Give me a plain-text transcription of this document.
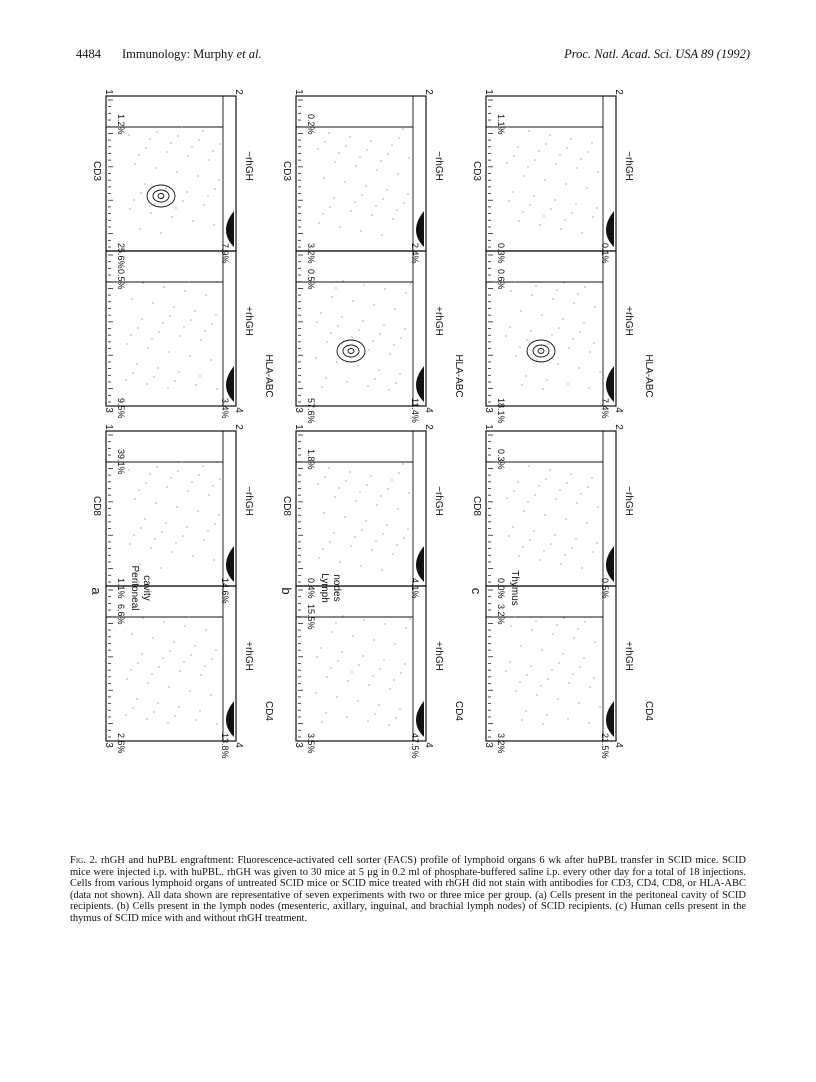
4484 Immunology: Murphy et al.	Proc. Natl. Acad. Sci. USA 89 (1992)
a	Peritoneal cavity
1.2%
25.6%	7.9%
0.5%
9.5%	3.4%
−rhGH
+rhGH
CD3
HLA-ABC
1	2
3	4
39.1%
1.1%	14.6%
6.6%
2.6%	13.8%
−rhGH
+rhGH
CD8
CD4
1	2
3	4
b	Lymph nodes
0.2%
3.2%	2.4%
0.5%
57.6%	11.4%
−rhGH
+rhGH
CD3
HLA-ABC
1	2
3	4
1.8%
0.4%	4.1%
15.5%
3.5%	47.5%
−rhGH
+rhGH
CD8
CD4
1	2
3	4
c	Thymus
1.1%
0.3%	0.1%
0.6%
18.1%	7.4%
−rhGH
+rhGH
CD3
HLA-ABC
1	2
3	4
0.3%
0.0%	0.5%
3.2%
3.2%	21.5%
−rhGH
+rhGH
CD8
CD4
1	2
3	4

Fig. 2. rhGH and huPBL engraftment: Fluorescence-activated cell sorter (FACS) profile of lymphoid organs 6 wk after huPBL transfer in SCID mice. SCID mice were injected i.p. with huPBL. rhGH was given to 30 mice at 5 μg in 0.2 ml of phosphate-buffered saline i.p. every other day for a total of 18 injections. Cells from various lymphoid organs of untreated SCID mice or SCID mice treated with rhGH did not stain with antibodies for CD3, CD4, CD8, or HLA-ABC (data not shown). All data shown are representative of seven experiments with two or three mice per group. (a) Cells present in the peritoneal cavity of SCID recipients. (b) Cells present in the lymph nodes (mesenteric, axillary, inguinal, and brachial lymph nodes) of SCID recipients. (c) Human cells present in the thymus of SCID mice with and without rhGH treatment.
